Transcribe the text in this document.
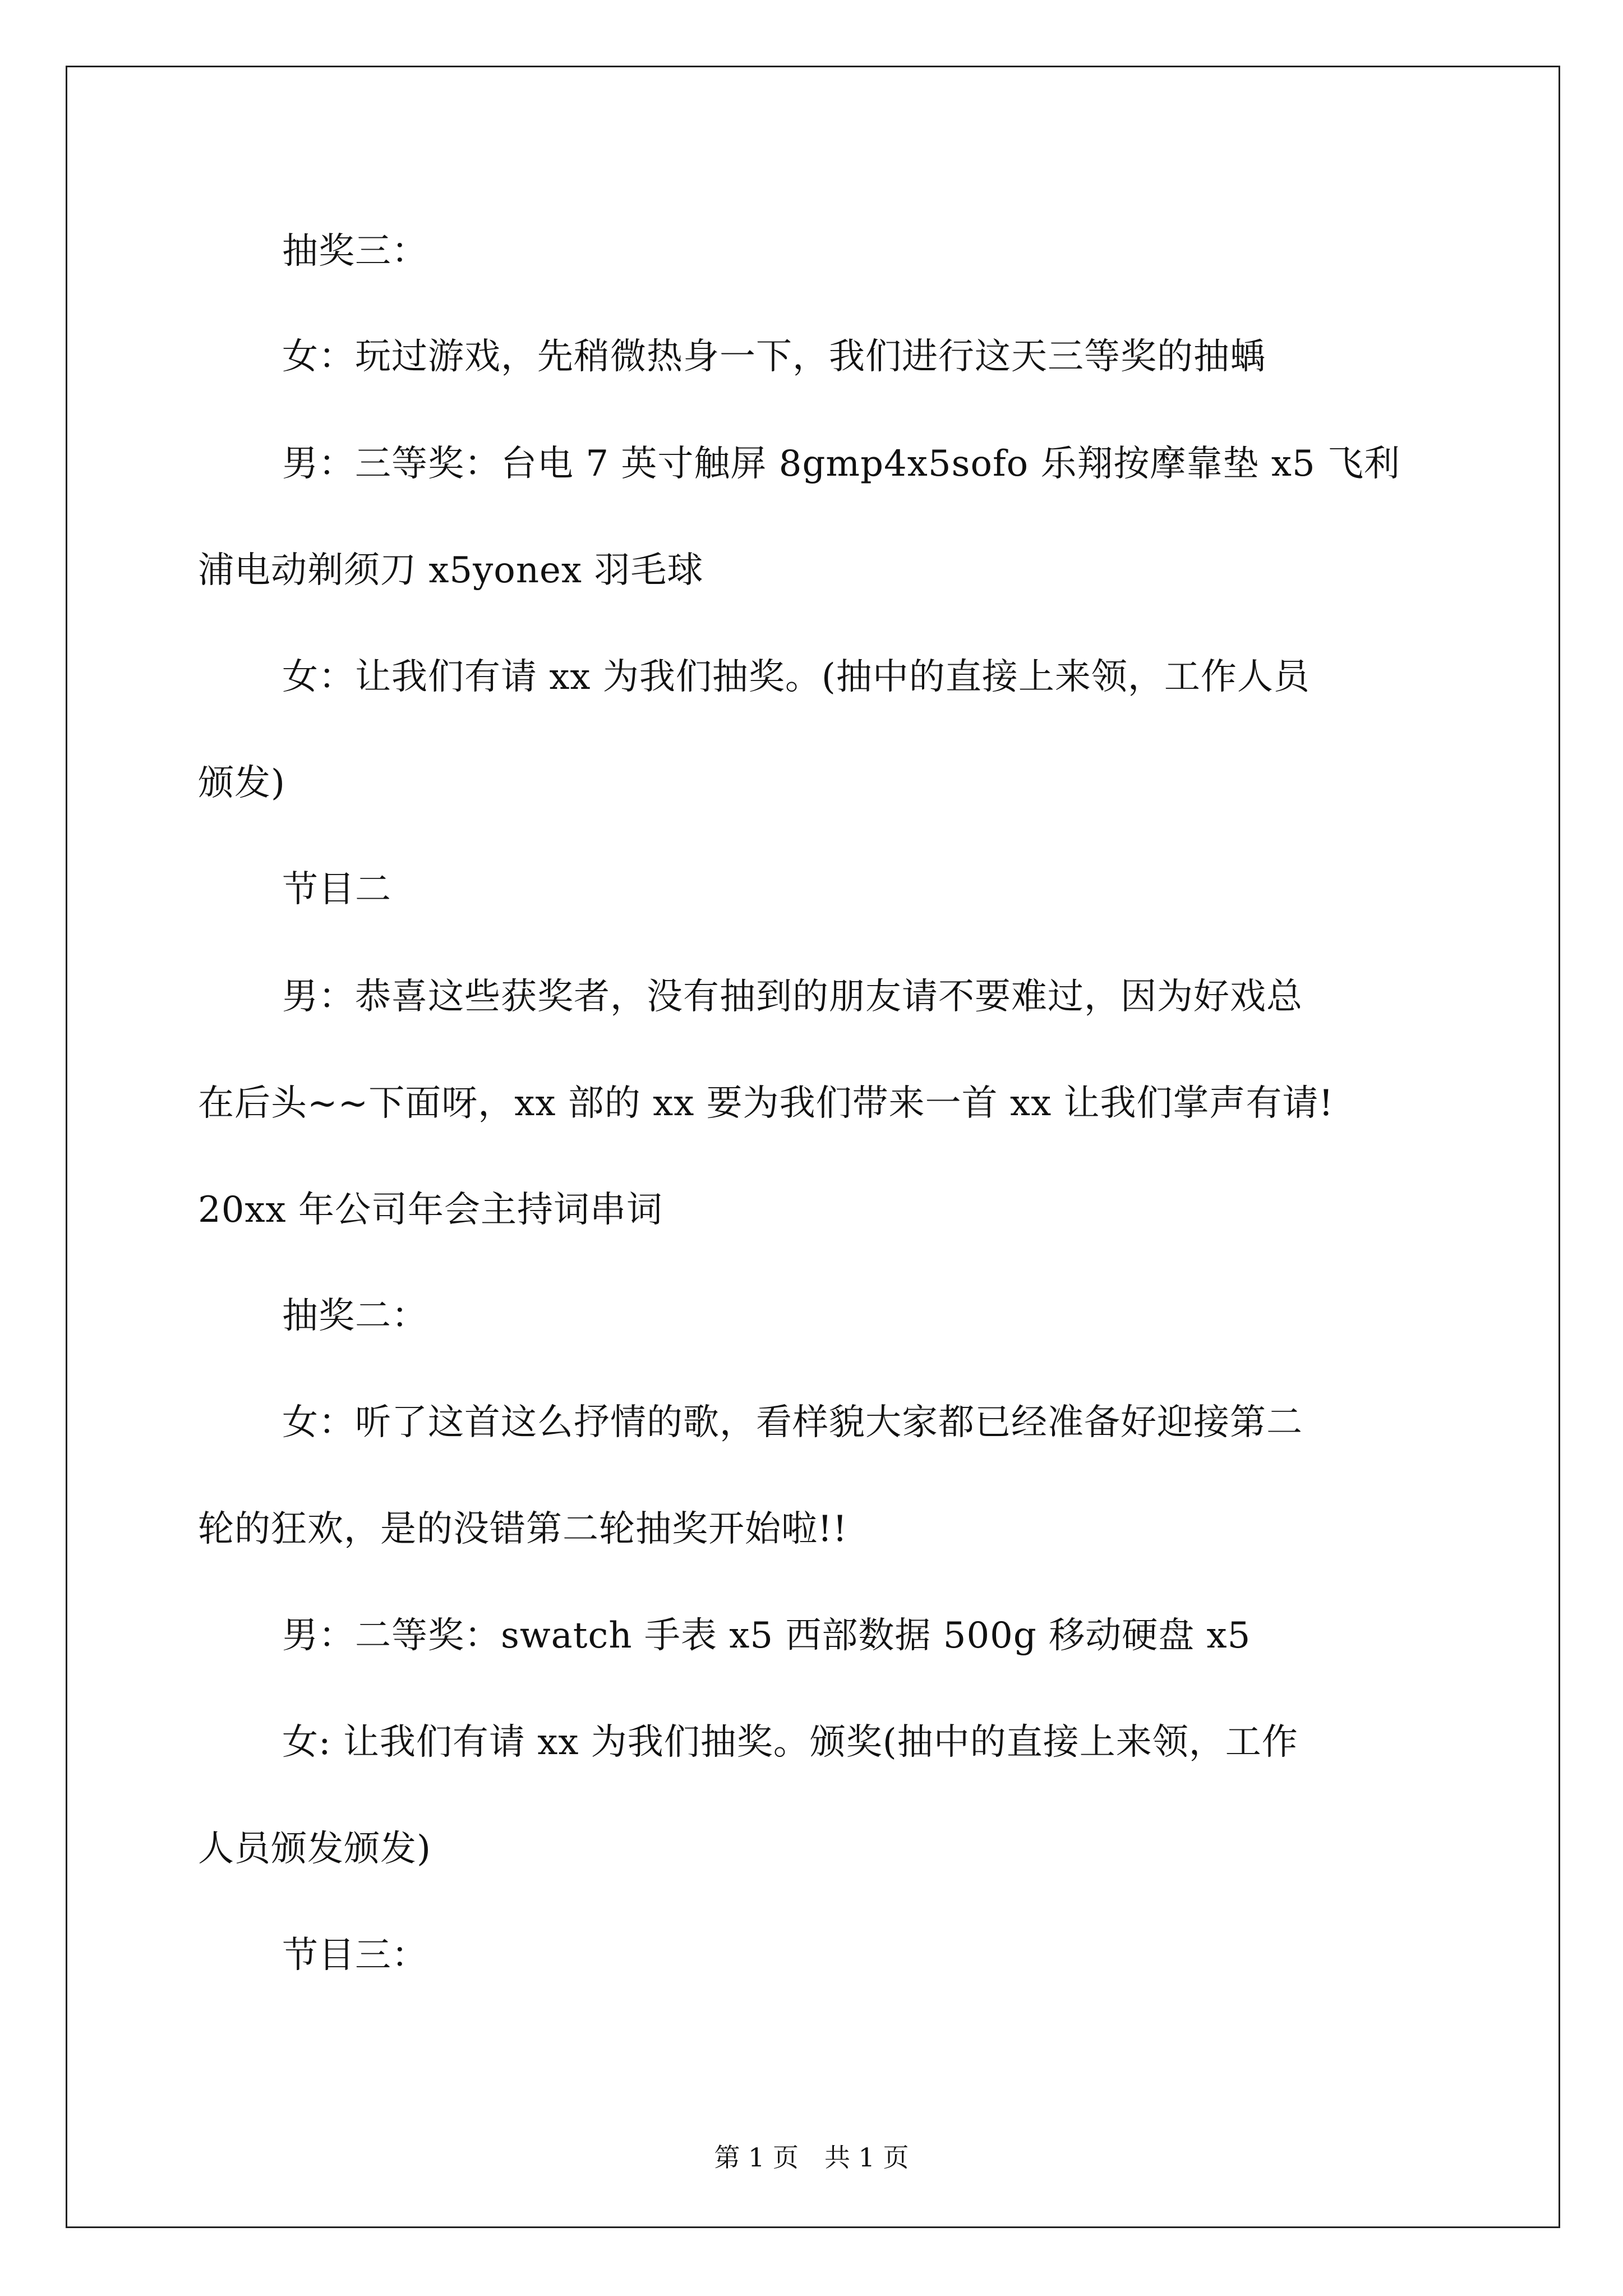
抽奖三：
女：玩过游戏，先稍微热身一下，我们进行这天三等奖的抽蝺
男：三等奖：台电 7 英寸触屏 8gmp4x5sofo 乐翔按摩靠垫 x5 飞利
浦电动剃须刀 x5yonex 羽毛球
女：让我们有请 xx 为我们抽奖。(抽中的直接上来领，工作人员
颁发)
节目二
男：恭喜这些获奖者，没有抽到的朋友请不要难过，因为好戏总
在后头~~下面呀，xx 部的 xx 要为我们带来一首 xx 让我们掌声有请!
20xx 年公司年会主持词串词
抽奖二：
女：听了这首这么抒情的歌，看样貌大家都已经准备好迎接第二
轮的狂欢，是的没错第二轮抽奖开始啦!!
男：二等奖：swatch 手表 x5 西部数据 500g 移动硬盘 x5
女: 让我们有请 xx 为我们抽奖。颁奖(抽中的直接上来领，工作
人员颁发颁发)
节目三：
第 1 页　共 1 页
